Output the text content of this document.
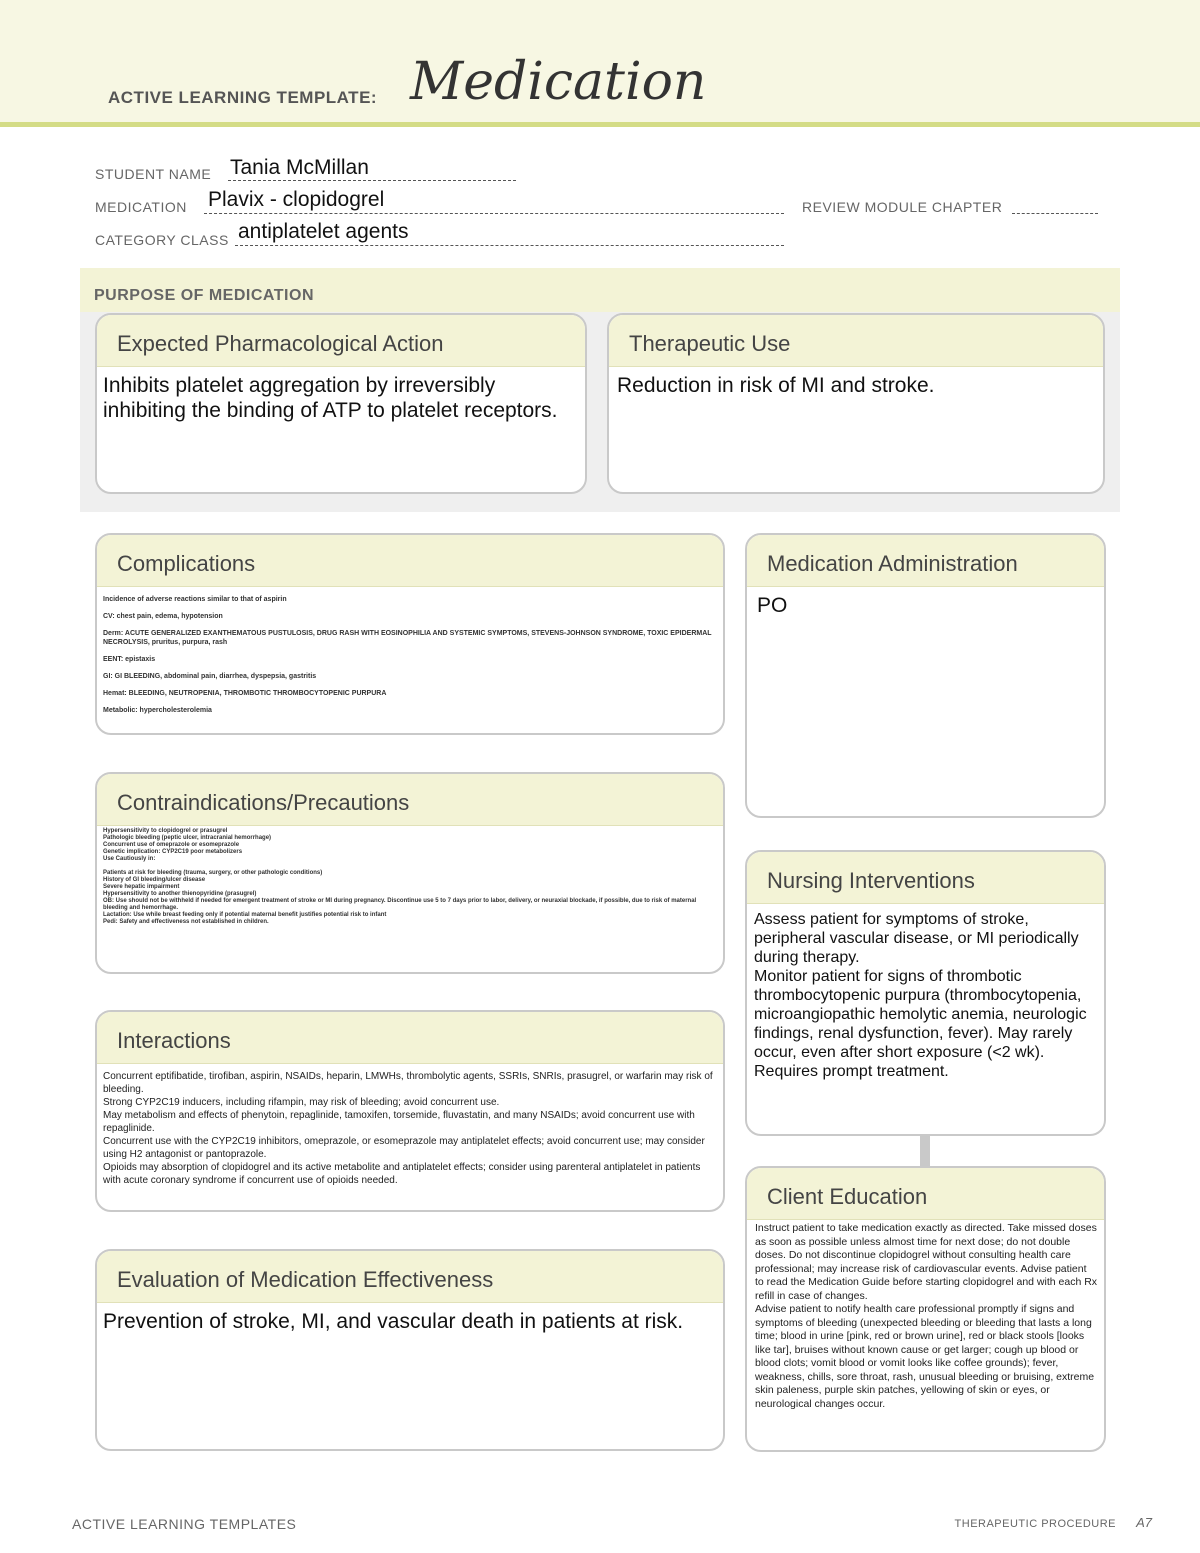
ACTIVE LEARNING TEMPLATE: Medication
STUDENT NAME Tania McMillan
MEDICATION Plavix - clopidogrel	REVIEW MODULE CHAPTER
CATEGORY CLASS antiplatelet agents
PURPOSE OF MEDICATION
Expected Pharmacological Action
Inhibits platelet aggregation by irreversibly inhibiting the binding of ATP to platelet receptors.
Therapeutic Use
Reduction in risk of MI and stroke.
Complications

Incidence of adverse reactions similar to that of aspirin

CV: chest pain, edema, hypotension

Derm: ACUTE GENERALIZED EXANTHEMATOUS PUSTULOSIS, DRUG RASH WITH EOSINOPHILIA AND SYSTEMIC SYMPTOMS, STEVENS-JOHNSON SYNDROME, TOXIC EPIDERMAL NECROLYSIS, pruritus, purpura, rash

EENT: epistaxis

GI: GI BLEEDING, abdominal pain, diarrhea, dyspepsia, gastritis

Hemat: BLEEDING, NEUTROPENIA, THROMBOTIC THROMBOCYTOPENIC PURPURA

Metabolic: hypercholesterolemia

Medication Administration
PO
Contraindications/Precautions
Hypersensitivity to clopidogrel or prasugrel
Pathologic bleeding (peptic ulcer, intracranial hemorrhage)
Concurrent use of omeprazole or esomeprazole
Genetic implication: CYP2C19 poor metabolizers
Use Cautiously in:

Patients at risk for bleeding (trauma, surgery, or other pathologic conditions)
History of GI bleeding/ulcer disease
Severe hepatic impairment
Hypersensitivity to another thienopyridine (prasugrel)
OB: Use should not be withheld if needed for emergent treatment of stroke or MI during pregnancy. Discontinue use 5 to 7 days prior to labor, delivery, or neuraxial blockade, if possible, due to risk of maternal bleeding and hemorrhage.
Lactation: Use while breast feeding only if potential maternal benefit justifies potential risk to infant
Pedi: Safety and effectiveness not established in children.
Nursing Interventions
Assess patient for symptoms of stroke, peripheral vascular disease, or MI periodically during therapy.
Monitor patient for signs of thrombotic thrombocytopenic purpura (thrombocytopenia, microangiopathic hemolytic anemia, neurologic findings, renal dysfunction, fever). May rarely occur, even after short exposure (<2 wk). Requires prompt treatment.
Interactions
Concurrent eptifibatide, tirofiban, aspirin, NSAIDs, heparin, LMWHs, thrombolytic agents, SSRIs, SNRIs, prasugrel, or warfarin may risk of bleeding.
Strong CYP2C19 inducers, including rifampin, may risk of bleeding; avoid concurrent use.
May metabolism and effects of phenytoin, repaglinide, tamoxifen, torsemide, fluvastatin, and many NSAIDs; avoid concurrent use with repaglinide.
Concurrent use with the CYP2C19 inhibitors, omeprazole, or esomeprazole may antiplatelet effects; avoid concurrent use; may consider using H2 antagonist or pantoprazole.
Opioids may absorption of clopidogrel and its active metabolite and antiplatelet effects; consider using parenteral antiplatelet in patients with acute coronary syndrome if concurrent use of opioids needed.
Client Education
Instruct patient to take medication exactly as directed. Take missed doses as soon as possible unless almost time for next dose; do not double doses. Do not discontinue clopidogrel without consulting health care professional; may increase risk of cardiovascular events. Advise patient to read the Medication Guide before starting clopidogrel and with each Rx refill in case of changes.
Advise patient to notify health care professional promptly if signs and symptoms of bleeding (unexpected bleeding or bleeding that lasts a long time; blood in urine [pink, red or brown urine], red or black stools [looks like tar], bruises without known cause or get larger; cough up blood or blood clots; vomit blood or vomit looks like coffee grounds); fever, weakness, chills, sore throat, rash, unusual bleeding or bruising, extreme skin paleness, purple skin patches, yellowing of skin or eyes, or neurological changes occur.
Evaluation of Medication Effectiveness
Prevention of stroke, MI, and vascular death in patients at risk.
ACTIVE LEARNING TEMPLATES	THERAPEUTIC PROCEDURE A7
